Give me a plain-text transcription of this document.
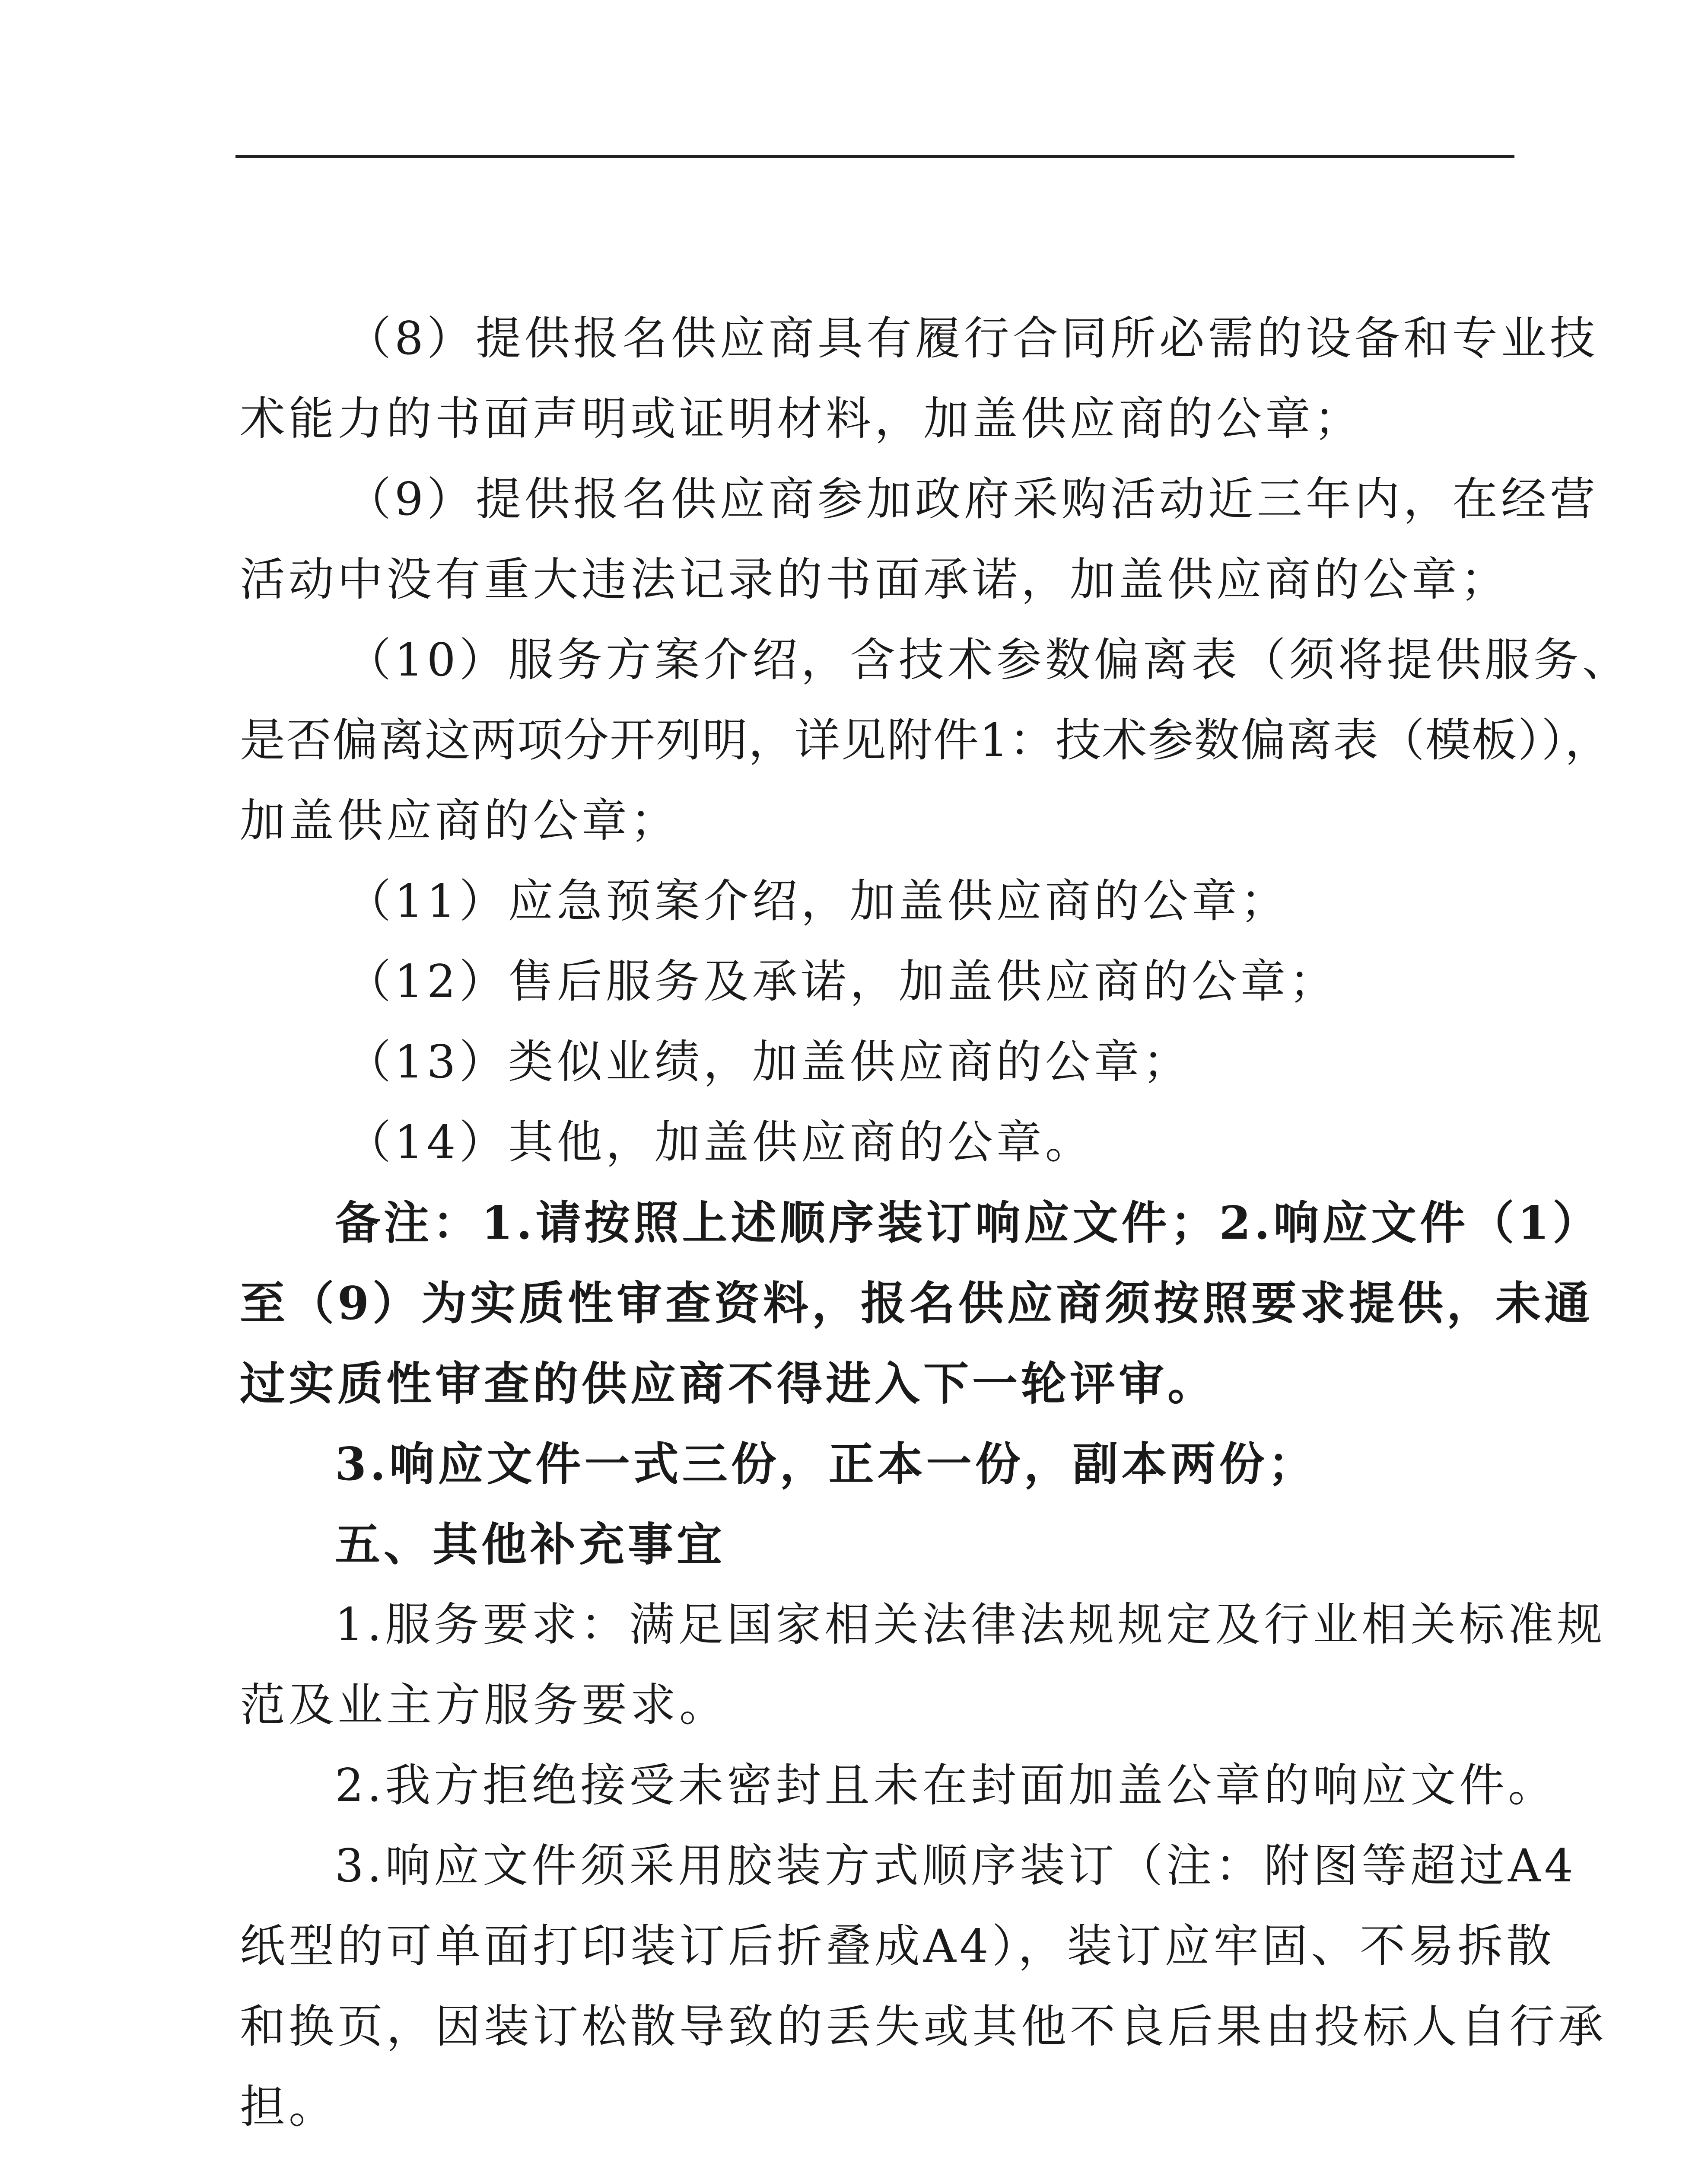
（8）提供报名供应商具有履行合同所必需的设备和专业技
术能力的书面声明或证明材料，加盖供应商的公章；
（9）提供报名供应商参加政府采购活动近三年内，在经营
活动中没有重大违法记录的书面承诺，加盖供应商的公章；
（10）服务方案介绍，含技术参数偏离表（须将提供服务、
是否偏离这两项分开列明，详见附件1：技术参数偏离表（模板）），
加盖供应商的公章；
（11）应急预案介绍，加盖供应商的公章；
（12）售后服务及承诺，加盖供应商的公章；
（13）类似业绩，加盖供应商的公章；
（14）其他，加盖供应商的公章。
备注：1.请按照上述顺序装订响应文件；2.响应文件（1）
至（9）为实质性审查资料，报名供应商须按照要求提供，未通
过实质性审查的供应商不得进入下一轮评审。
3.响应文件一式三份，正本一份，副本两份；
五、其他补充事宜
1.服务要求：满足国家相关法律法规规定及行业相关标准规
范及业主方服务要求。
2.我方拒绝接受未密封且未在封面加盖公章的响应文件。
3.响应文件须采用胶装方式顺序装订（注：附图等超过A4
纸型的可单面打印装订后折叠成A4），装订应牢固、不易拆散
和换页，因装订松散导致的丢失或其他不良后果由投标人自行承
担。
